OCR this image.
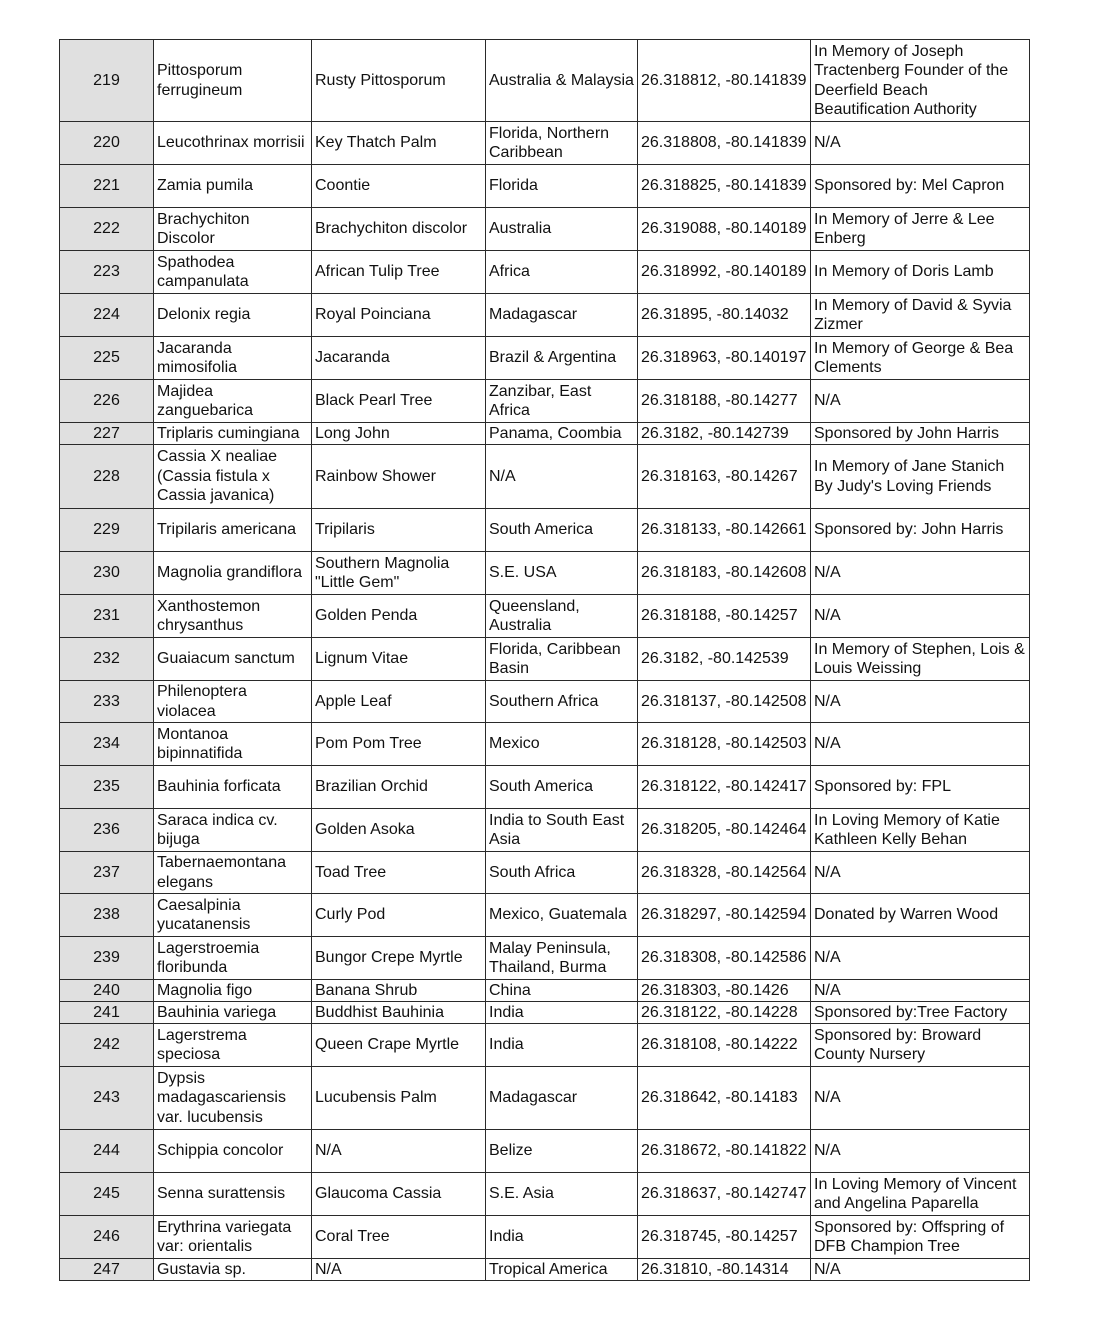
219	Pittosporum ferrugineum	Rusty Pittosporum	Australia & Malaysia	26.318812, -80.141839	In Memory of Joseph Tractenberg Founder of the Deerfield Beach Beautification Authority
220	Leucothrinax morrisii	Key Thatch Palm	Florida, Northern Caribbean	26.318808, -80.141839	N/A
221	Zamia pumila	Coontie	Florida	26.318825, -80.141839	Sponsored by: Mel Capron
222	Brachychiton Discolor	Brachychiton discolor	Australia	26.319088, -80.140189	In Memory of Jerre & Lee Enberg
223	Spathodea campanulata	African Tulip Tree	Africa	26.318992, -80.140189	In Memory of Doris Lamb
224	Delonix regia	Royal Poinciana	Madagascar	26.31895, -80.14032	In Memory of David & Syvia Zizmer
225	Jacaranda mimosifolia	Jacaranda	Brazil & Argentina	26.318963, -80.140197	In Memory of George & Bea Clements
226	Majidea zanguebarica	Black Pearl Tree	Zanzibar, East Africa	26.318188, -80.14277	N/A
227	Triplaris cumingiana	Long John	Panama, Coombia	26.3182, -80.142739	Sponsored by John Harris
228	Cassia X nealiae (Cassia fistula x Cassia javanica)	Rainbow Shower	N/A	26.318163, -80.14267	In Memory of Jane Stanich By Judy's Loving Friends
229	Tripilaris americana	Tripilaris	South America	26.318133, -80.142661	Sponsored by: John Harris
230	Magnolia grandiflora	Southern Magnolia "Little Gem"	S.E. USA	26.318183, -80.142608	N/A
231	Xanthostemon chrysanthus	Golden Penda	Queensland, Australia	26.318188, -80.14257	N/A
232	Guaiacum sanctum	Lignum Vitae	Florida, Caribbean Basin	26.3182, -80.142539	In Memory of Stephen, Lois & Louis Weissing
233	Philenoptera violacea	Apple Leaf	Southern Africa	26.318137, -80.142508	N/A
234	Montanoa bipinnatifida	Pom Pom Tree	Mexico	26.318128, -80.142503	N/A
235	Bauhinia forficata	Brazilian Orchid	South America	26.318122, -80.142417	Sponsored by: FPL
236	Saraca indica cv. bijuga	Golden Asoka	India to South East Asia	26.318205, -80.142464	In Loving Memory of Katie Kathleen Kelly Behan
237	Tabernaemontana elegans	Toad Tree	South Africa	26.318328, -80.142564	N/A
238	Caesalpinia yucatanensis	Curly Pod	Mexico, Guatemala	26.318297, -80.142594	Donated by Warren Wood
239	Lagerstroemia floribunda	Bungor Crepe Myrtle	Malay Peninsula, Thailand, Burma	26.318308, -80.142586	N/A
240	Magnolia figo	Banana Shrub	China	26.318303, -80.1426	N/A
241	Bauhinia variega	Buddhist Bauhinia	India	26.318122, -80.14228	Sponsored by:Tree Factory
242	Lagerstrema speciosa	Queen Crape Myrtle	India	26.318108, -80.14222	Sponsored by: Broward County Nursery
243	Dypsis madagascariensis var. lucubensis	Lucubensis Palm	Madagascar	26.318642, -80.14183	N/A
244	Schippia concolor	N/A	Belize	26.318672, -80.141822	N/A
245	Senna surattensis	Glaucoma Cassia	S.E. Asia	26.318637, -80.142747	In Loving Memory of Vincent and Angelina Paparella
246	Erythrina variegata var: orientalis	Coral Tree	India	26.318745, -80.14257	Sponsored by: Offspring of DFB Champion Tree
247	Gustavia sp.	N/A	Tropical America	26.31810, -80.14314	N/A
